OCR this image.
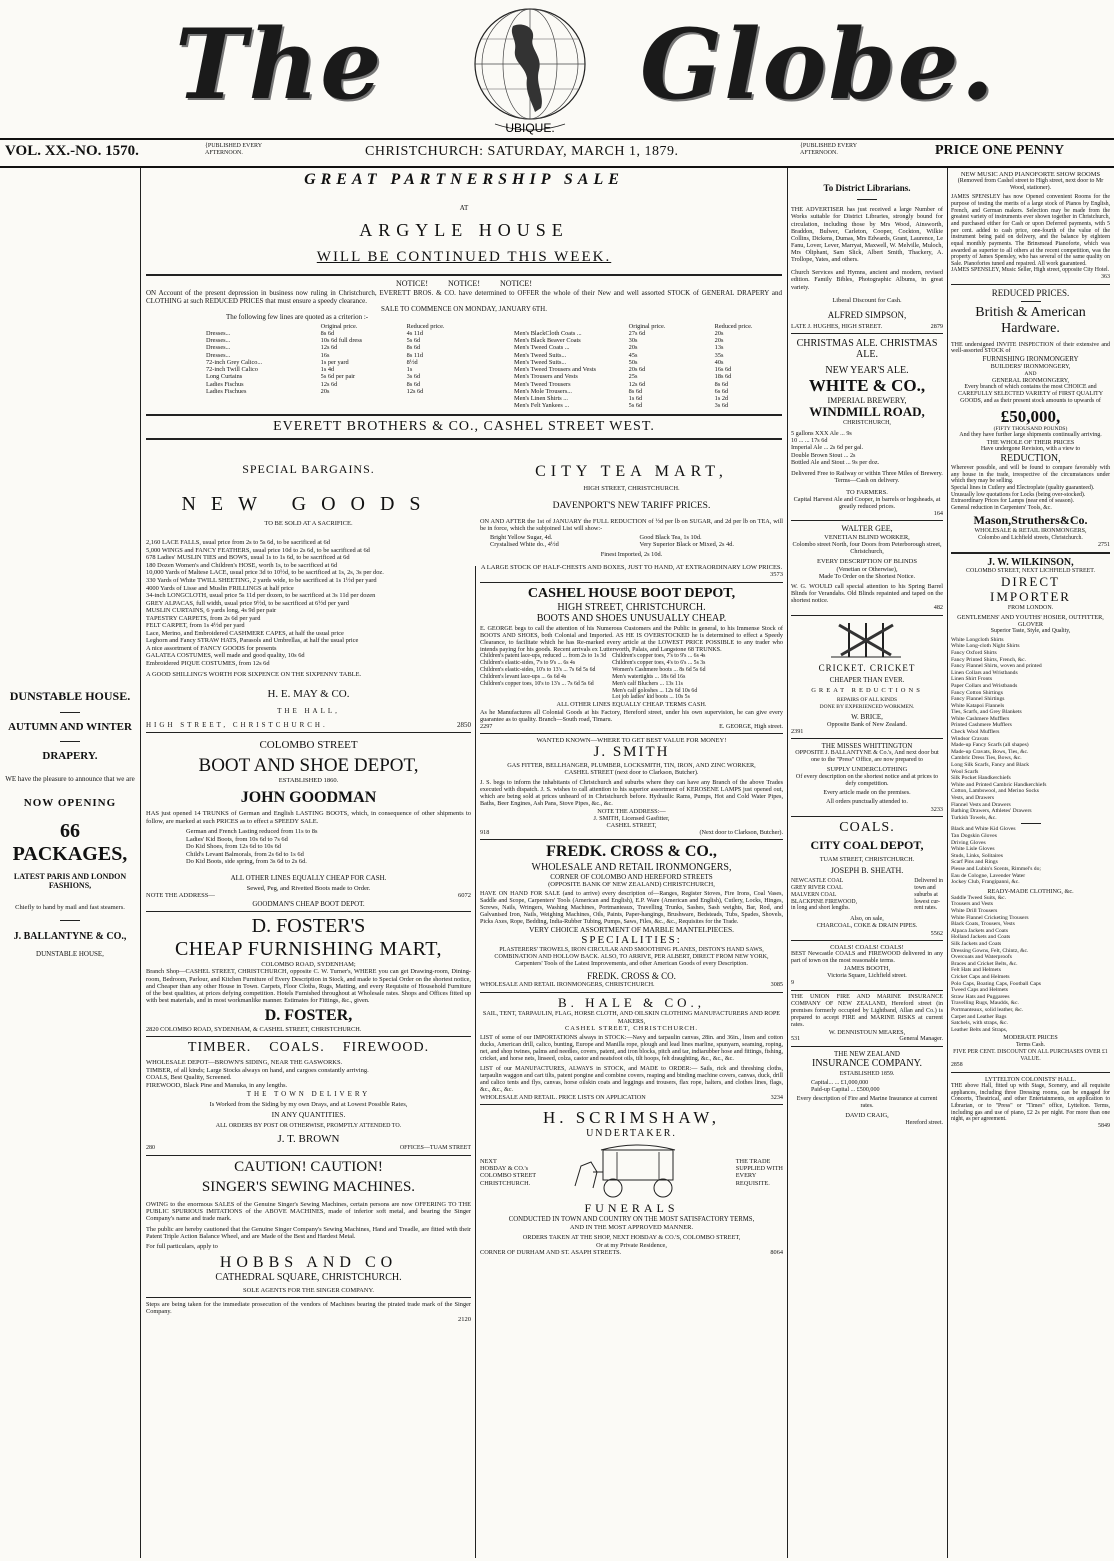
The	Globe.
UBIQUE.
VOL. XX.-NO. 1570.	{PUBLISHED EVERY AFTERNOON.	CHRISTCHURCH: SATURDAY, MARCH 1, 1879.	{PUBLISHED EVERY AFTERNOON.	PRICE ONE PENNY
DUNSTABLE HOUSE.
AUTUMN AND WINTER
DRAPERY.
WE have the pleasure to announce that we are
NOW OPENING
66 PACKAGES,
LATEST PARIS AND LONDON FASHIONS,
Chiefly to hand by mail and fast steamers.
J. BALLANTYNE & CO.,
DUNSTABLE HOUSE,
GREAT PARTNERSHIP SALE
AT
ARGYLE HOUSE
WILL BE CONTINUED THIS WEEK.
NOTICE!          NOTICE!          NOTICE!
ON Account of the present depression in business now ruling in Christchurch, EVERETT BROS. & CO. have determined to OFFER the whole of their New and well assorted STOCK of GENERAL DRAPERY and CLOTHING at such REDUCED PRICES that must ensure a speedy clearance.
SALE TO COMMENCE ON MONDAY, JANUARY 6TH.
The following few lines are quoted as a criterion :-
Original price.	Reduced price.
Dresses...	8s 6d	4s 11d
Dresses...	10s 6d full dress	5s 6d
Dresses...	12s 6d	8s 6d
Dresses...	16s	8s 11d
72-inch Grey Calico...	1s per yard	8½d
72-inch Twill Calico	1s 4d	1s
Long Curtains	5s 6d per pair	3s 6d
Ladies Fischus	12s 6d	8s 6d
Ladies Fischues	20s	12s 6d
Original price.	Reduced price.
Men's BlackCloth Coats ...	27s 6d	20s
Men's Black Beaver Coats	30s	20s
Men's Tweed Coats ...	20s	13s
Men's Tweed Suits...	45s	35s
Men's Tweed Suits...	50s	40s
Men's Tweed Trousers and Vests	20s 6d	16s 6d
Men's Trousers and Vests	25s	18s 6d
Men's Tweed Trousers	12s 6d	8s 6d
Men's Mole Trousers...	8s 6d	6s 6d
Men's Linen Shirts ...	1s 6d	1s 2d
Men's Felt Yankees ...	5s 6d	3s 6d
EVERETT BROTHERS & CO., CASHEL STREET WEST.
SPECIAL BARGAINS.
NEW GOODS
TO BE SOLD AT A SACRIFICE.
2,160 LACE FALLS, usual price from 2s to 5s 6d, to be sacrificed at 6d
5,000 WINGS and FANCY FEATHERS, usual price 10d to 2s 6d, to be sacrificed at 6d
678 Ladies' MUSLIN TIES and BOWS, usual 1s to 1s 6d, to be sacrificed at 6d
180 Dozen Women's and Children's HOSE, worth 1s, to be sacrificed at 6d
10,000 Yards of Maltese LACE, usual price 3d to 10½d, to be sacrificed at 1s, 2s, 3s per doz.
330 Yards of White TWILL SHEETING, 2 yards wide, to be sacrificed at 1s 1½d per yard
4000 Yards of Lisse and Muslin FRILLINGS at half price
34-inch LONGCLOTH, usual price 5s 11d per dozen, to be sacrificed at 3s 11d per dozen
GREY ALPACAS, full width, usual price 9½d, to be sacrificed at 6½d per yard
MUSLIN CURTAINS, 6 yards long, 4s 9d per pair
TAPESTRY CARPETS, from 2s 6d per yard
FELT CARPET, from 1s 4½d per yard
Lace, Merino, and Embroidered CASHMERE CAPES, at half the usual price
Leghorn and Fancy STRAW HATS, Parasols and Umbrellas, at half the usual price
A nice assortment of FANCY GOODS for presents
GALATEA COSTUMES, well made and good quality, 10s 6d
Embroidered PIQUE COSTUMES, from 12s 6d
A GOOD SHILLING'S WORTH FOR SIXPENCE ON THE SIXPENNY TABLE.
H. E. MAY & CO.
THE HALL,
HIGH STREET, CHRISTCHURCH.	2850
COLOMBO STREET
BOOT AND SHOE DEPOT,
ESTABLISHED 1860.
JOHN GOODMAN
HAS just opened 14 TRUNKS of German and English LASTING BOOTS, which, in consequence of other shipments to follow, are marked at such PRICES as to effect a SPEEDY SALE.
German and French Lasting reduced from 11s to 8s
Ladies' Kid Boots, from 10s 6d to 7s 6d
Do Kid Shoes, from 12s 6d to 10s 6d
Child's Levant Balmorals, from 2s 6d to 1s 6d
Do Kid Boots, side spring, from 3s 6d to 2s 6d.
ALL OTHER LINES EQUALLY CHEAP FOR CASH.
Sewed, Peg, and Rivetted Boots made to Order.
NOTE THE ADDRESS—	6072
GOODMAN'S CHEAP BOOT DEPOT.
D. FOSTER'S
CHEAP FURNISHING MART,
COLOMBO ROAD, SYDENHAM;
Branch Shop—CASHEL STREET, CHRISTCHURCH, opposite C. W. Turner's, WHERE you can get Drawing-room, Dining-room, Bedroom, Parlour, and Kitchen Furniture of Every Description in Stock, and made to Special Order on the shortest notice, and Cheaper than any other House in Town. Carpets, Floor Cloths, Rugs, Matting, and every Requisite of Household Furniture of the best qualities, at prices defying competition. Hotels Furnished throughout at Wholesale rates. Shops and Offices fitted up with best materials, and in most workmanlike manner. Estimates for Fittings, &c., given.
D. FOSTER,
2820 COLOMBO ROAD, SYDENHAM, & CASHEL STREET, CHRISTCHURCH.
TIMBER.    COALS.    FIREWOOD.
WHOLESALE DEPOT—BROWN'S SIDING, NEAR THE GASWORKS.
TIMBER, of all kinds; Large Stocks always on hand, and cargoes constantly arriving.
COALS, Best Quality, Screened.
FIREWOOD, Black Pine and Manuka, in any lengths.
THE TOWN DELIVERY
Is Worked from the Siding by my own Drays, and at Lowest Possible Rates,
IN ANY QUANTITIES.
ALL ORDERS BY POST OR OTHERWISE, PROMPTLY ATTENDED TO.
J. T. BROWN
280	OFFICES—TUAM STREET
CAUTION! CAUTION!
SINGER'S SEWING MACHINES.
OWING to the enormous SALES of the Genuine Singer's Sewing Machines, certain persons are now OFFERING TO THE PUBLIC SPURIOUS IMITATIONS of the ABOVE MACHINES, made of inferior soft metal, and bearing the Singer Company's name and trade mark.
The public are hereby cautioned that the Genuine Singer Company's Sewing Machines, Hand and Treadle, are fitted with their Patent Triple Action Balance Wheel, and are Made of the Best and Hardest Metal.
For full particulars, apply to
HOBBS AND CO
CATHEDRAL SQUARE, CHRISTCHURCH.
SOLE AGENTS FOR THE SINGER COMPANY.
Steps are being taken for the immediate prosecution of the vendors of Machines bearing the pirated trade mark of the Singer Company.
2120
CITY TEA MART,
HIGH STREET, CHRISTCHURCH.
DAVENPORT'S NEW TARIFF PRICES.
ON AND AFTER the 1st of JANUARY the FULL REDUCTION of ½d per lb on SUGAR, and 2d per lb on TEA, will be in force, which the subjoined List will show:-
Bright Yellow Sugar, 4d.
Crystalised White do., 4½d
Good Black Tea, 1s 10d.
Very Superior Black or Mixed, 2s 4d.
Finest Imported, 2s 10d.
A LARGE STOCK OF HALF-CHESTS AND BOXES, JUST TO HAND, AT EXTRAORDINARY LOW PRICES.
3573
CASHEL HOUSE BOOT DEPOT,
HIGH STREET, CHRISTCHURCH.
BOOTS AND SHOES UNUSUALLY CHEAP.
E. GEORGE begs to call the attention of his Numerous Customers and the Public in general, to his Immense Stock of BOOTS AND SHOES, both Colonial and Imported. AS HE IS OVERSTOCKED he is determined to effect a Speedy Clearance, to facilitate which he has Re-marked every article at the LOWEST PRICE POSSIBLE to any trader who intends paying for his goods. Recent arrivals ex Lutterworth, Palais, and Langstone 68 TRUNKS.
Children's patent lace-ups, reduced ... from 2s to 1s 3d
Children's elastic-sides, 7's to 9's ... 6s 4s
Children's elastic-sides, 10's to 13's ... 7s 6d 5s 6d
Children's levant lace-ups ... 6s 6d 4s
Children's copper toes, 10's to 13's ... 7s 6d 5s 6d
Children's copper toes, 7's to 9's ... 6s 4s
Children's copper toes, 4's to 6's ... 5s 3s
Women's Cashmere boots ... 8s 6d 5s 6d
Men's watertights ... 18s 6d 16s
Men's calf Bluchers ... 13s 11s
Men's calf goloshes ... 12s 6d 10s 6d
Lot job ladies' kid boots ... 10s 5s
ALL OTHER LINES EQUALLY CHEAP. TERMS CASH.
As he Manufactures all Colonial Goods at his Factory, Hereford street, under his own supervision, he can give every guarantee as to quality. Branch—South road, Timaru.
2297	E. GEORGE, High street.
WANTED KNOWN—WHERE TO GET BEST VALUE FOR MONEY!
J. SMITH
GAS FITTER, BELLHANGER, PLUMBER, LOCKSMITH, TIN, IRON, AND ZINC WORKER,
CASHEL STREET (next door to Clarkson, Butcher).
J. S. begs to inform the inhabitants of Christchurch and suburbs where they can have any Branch of the above Trades executed with dispatch. J. S. wishes to call attention to his superior assortment of KEROSENE LAMPS just opened out, which are being sold at prices unheard of in Christchurch before. Hydraulic Rams, Pumps, Hot and Cold Water Pipes, Baths, Beer Engines, Ash Pans, Stove Pipes, &c., &c.
NOTE THE ADDRESS:—
J. SMITH, Licensed Gasfitter,
CASHEL STREET,
918	(Next door to Clarkson, Butcher).
FREDK. CROSS & CO.,
WHOLESALE AND RETAIL IRONMONGERS,
CORNER OF COLOMBO AND HEREFORD STREETS
(OPPOSITE BANK OF NEW ZEALAND) CHRISTCHURCH,
HAVE ON HAND FOR SALE (and to arrive) every description of—Ranges, Register Stoves, Fire Irons, Coal Vases, Saddle and Scope, Carpenters' Tools (American and English), E.P. Ware (American and English), Cutlery, Locks, Hinges, Screws, Nails, Wringers, Washing Machines, Portmanteaux, Travelling Trunks, Sashes, Sash weights, Bar, Rod, and Galvanised Iron, Nails, Weighing Machines, Oils, Paints, Paper-hangings, Brushware, Bedsteads, Tubs, Spades, Shovels, Picks Axes, Rope, Bedding, India-Rubber Tubing, Pumps, Saws, Files, &c., &c., Requisites for the Trade.
VERY CHOICE ASSORTMENT OF MARBLE MANTELPIECES.
SPECIALITIES:
PLASTERERS' TROWELS, IRON CIRCULAR AND SMOOTHING PLANES, DISTON'S HAND SAWS, COMBINATION AND HOLLOW BACK. ALSO, TO ARRIVE, PER ALBERT, DIRECT FROM NEW YORK, Carpenters' Tools of the Latest Improvements, and other American Goods of every Description.
FREDK. CROSS & CO.
WHOLESALE AND RETAIL IRONMONGERS, CHRISTCHURCH.	3085
B. HALE & CO.,
SAIL, TENT, TARPAULIN, FLAG, HORSE CLOTH, AND OILSKIN CLOTHING MANUFACTURERS AND ROPE MAKERS,
CASHEL STREET, CHRISTCHURCH.
LIST of some of our IMPORTATIONS always in STOCK:—Navy and tarpaulin canvas, 28in. and 36in., linen and cotton ducks, American drill, calico, bunting, Europe and Manilla rope, plough and lead lines marline, spunyarn, seaming, roping, net, and shop twines, palms and needles, covers, patent, and iron blocks, pitch and tar, indiarubber hose and fittings, fishing, cricket, and horse nets, linseed, colza, castor and neatsfoot oils, tilt hoops, felt draughting, &c., &c., &c.
LIST of our MANUFACTURES, ALWAYS in STOCK, and MADE to ORDER:— Sails, rick and threshing cloths, tarpaulin waggon and cart tilts, patent pongine and combine covers, reaping and binding machine covers, canvas, duck, drill and calico tents and flys, canvas, horse oilskin coats and leggings and trousers, flax rope, halters, and clothes lines, flags, &c., &c., &c.
WHOLESALE AND RETAIL. PRICE LISTS ON APPLICATION	3234
H. SCRIMSHAW,
UNDERTAKER.
NEXT
HOBDAY & CO.'s
COLOMBO STREET
CHRISTCHURCH.
THE TRADE
SUPPLIED WITH
EVERY
REQUISITE.
FUNERALS
CONDUCTED IN TOWN AND COUNTRY ON THE MOST SATISFACTORY TERMS,
AND IN THE MOST APPROVED MANNER.
ORDERS TAKEN AT THE SHOP, NEXT HOBDAY & CO.'S, COLOMBO STREET,
Or at my Private Residence,
CORNER OF DURHAM AND ST. ASAPH STREETS.	8064
To District Librarians.
THE ADVERTISER has just received a large Number of Works suitable for District Libraries, strongly bound for circulation, including those by Mrs Wood, Ainsworth, Braddon, Bulwer, Carleton, Cooper, Cockton, Wilkie Collins, Dickens, Dumas, Mrs Edwards, Grant, Laurence, Le Fanu, Lover, Lever, Marryat, Maxwell, W. Melville, Muloch, Mrs Oliphant, Sam Slick, Albert Smith, Thackery, A. Trollope, Yates, and others.
Church Services and Hymns, ancient and modern, revised edition. Family Bibles, Photographic Albums, in great variety.
Liberal Discount for Cash.
ALFRED SIMPSON,
LATE J. HUGHES, HIGH STREET.	2879
CHRISTMAS ALE. CHRISTMAS ALE.
NEW YEAR'S ALE.
WHITE & CO.,
IMPERIAL BREWERY,
WINDMILL ROAD,
CHRISTCHURCH,
5 gallons XXX Ale ... 9s
10 ... ... 17s 6d
Imperial Ale ... 2s 6d per gal.
Double Brown Stout ... 2s
Bottled Ale and Stout ... 9s per doz.
Delivered Free to Railway or within Three Miles of Brewery. Terms—Cash on delivery.
TO FARMERS.
Capital Harvest Ale and Cooper, in barrels or hogsheads, at greatly reduced prices.
164
WALTER GEE,
VENETIAN BLIND WORKER,
Colombo street North, four Doors from Peterborough street, Christchurch,
EVERY DESCRIPTION OF BLINDS
(Venetian or Otherwise),
Made To Order on the Shortest Notice.
W. G. WOULD call special attention to his Spring Barrel Blinds for Verandahs. Old Blinds repainted and taped on the shortest notice.
482
CRICKET. CRICKET
CHEAPER THAN EVER.
GREAT REDUCTIONS
REPAIRS OF ALL KINDS
DONE BY EXPERIENCED WORKMEN.
W. BRICE,
Opposite Bank of New Zealand.
2391
THE MISSES WHITTINGTON
OPPOSITE J. BALLANTYNE & Co.'s, And next door but one to the "Press" Office, are now prepared to
SUPPLY UNDERCLOTHING
Of every description on the shortest notice and at prices to defy competition.
Every article made on the premises.
All orders punctually attended to.
3233
COALS.
CITY COAL DEPOT,
TUAM STREET, CHRISTCHURCH.
JOSEPH B. SHEATH.
NEWCASTLE COAL
GREY RIVER COAL
MALVERN COAL
BLACKPINE FIREWOOD,
in long and short lengths.
Delivered in
town and
suburbs at
lowest cur-
rent rates.
Also, on sale,
CHARCOAL, COKE & DRAIN PIPES.
5562
COALS! COALS! COALS!
BEST Newcastle COALS and FIREWOOD delivered in any part of town on the most reasonable terms.
JAMES BOOTH,
Victoria Square, Lichfield street.
9
THE UNION FIRE AND MARINE INSURANCE COMPANY OF NEW ZEALAND, Hereford street (in premises formerly occupied by Lightband, Allan and Co.) is prepared to accept FIRE and MARINE RISKS at current rates.
W. DENNISTOUN MEARES,
531	General Manager.
THE NEW ZEALAND
INSURANCE COMPANY.
ESTABLISHED 1859.
Capital... ... £1,000,000
Paid-up Capital ... £500,000
Every description of Fire and Marine Insurance at current rates.
DAVID CRAIG,
Hereford street.
NEW MUSIC AND PIANOFORTE SHOW ROOMS
(Removed from Cashel street to High street, next door to Mr Wood, stationer).
JAMES SPENSLEY has now Opened convenient Rooms for the purpose of testing the merits of a large stock of Pianos by English, French, and German makers. Selection may be made from the greatest variety of instruments ever shown together in Christchurch, and purchased either for Cash or upon Deferred payments, with 5 per cent. added to cash price, one-fourth of the value of the instrument being paid on delivery, and the balance by eighteen equal monthly payments. The Brinsmead Pianoforte, which was awarded as superior to all others at the recent competition, was the property of James Spensley, who has several of the same quality on Sale. Pianofortes tuned and repaired. All work guaranteed.
JAMES SPENSLEY, Music Seller, High street, opposite City Hotel.
363
REDUCED PRICES.
British & American Hardware.
THE undersigned INVITE INSPECTION of their extensive and well-assorted STOCK of
FURNISHING IRONMONGERY
BUILDERS' IRONMONGERY,
AND
GENERAL IRONMONGERY,
Every branch of which contains the most CHOICE and CAREFULLY SELECTED VARIETY of FIRST QUALITY GOODS, and as their present stock amounts to upwards of
£50,000,
(FIFTY THOUSAND POUNDS)
And they have further large shipments continually arriving.
THE WHOLE OF THEIR PRICES
Have undergone Revision, with a view to
REDUCTION,
Wherever possible, and will be found to compare favorably with any house in the trade, irrespective of the circumstances under which they may be selling.
Special lines in Cutlery and Electroplate (quality guaranteed).
Unusually low quotations for Locks (being over-stocked).
Extraordinary Prices for Lamps (near end of season).
General reduction in Carpenters' Tools, &c.
Mason,Struthers&Co.
WHOLESALE & RETAIL IRONMONGERS,
Colombo and Lichfield streets, Christchurch.
2751
J. W. WILKINSON,
COLOMBO STREET, NEXT LICHFIELD STREET.
DIRECT
IMPORTER
FROM LONDON.
GENTLEMENS' AND YOUTHS' HOSIER, OUTFITTER, GLOVER
Superior Taste, Style, and Quality,
White Longcloth Shirts
White Long-cloth Night Shirts
Fancy Oxford Shirts
Fancy Printed Shirts, French, &c.
Fancy Flannel Shirts, woven and printed
Linen Collars and Wristbands
Linen Shirt Fronts
Paper Collars and Wristbands
Fancy Cotton Shirtings
Fancy Flannel Shirtings
White Katapoi Flannels
Ties, Scarfs, and Grey Blankets
White Cashmere Mufflers
Printed Cashmere Mufflers
Check Wool Mufflers
Windsor Cravats
Made-up Fancy Scarfs (all shapes)
Made-up Cravats, Bows, Ties, &c.
Cambric Dress Ties, Bows, &c.
Long Silk Scarfs, Fancy and Black
Wool Scarfs
Silk Pocket Handkerchiefs
White and Printed Cambric Handkerchiefs
Cotton, Lambswool, and Merino Socks
Vests, and Drawers
Flannel Vests and Drawers
Bathing Drawers, Athletes' Drawers
Turkish Towels, &c.
Black and White Kid Gloves
Tan Dogskin Gloves
Driving Gloves
White Lisle Gloves
Studs, Links, Solitaires
Scarf Pins and Rings
Piesse and Lubin's Scents, Rimmel's do;
Eau de Cologne, Lavender Water
Jockey Club, Frangipanni, &c.
READY-MADE CLOTHING, &c.
Saddle Tweed Suits, &c.
Trousers and Vests
White Drill Trousers
White Flannel Cricketing Trousers
Black Coats, Trousers, Vests
Alpaca Jackets and Coats
Holland Jackets and Coats
Silk Jackets and Coats
Dressing Gowns, Felt, Chintz, &c.
Overcoats and Waterproofs
Braces and Cricket Belts, &c.
Felt Hats and Helmets
Cricket Caps and Helmets
Polo Caps, Boating Caps, Football Caps
Tweed Caps and Helmets
Straw Hats and Puggarees
Travelling Rugs, Maudds, &c.
Portmanteaux, solid leather, &c.
Carpet and Leather Bags
Satchels, with straps, &c.
Leather Belts and Straps,
MODERATE PRICES
Terms Cash.
FIVE PER CENT. DISCOUNT ON ALL PURCHASES OVER £1 VALUE.
2858
LYTTELTON COLONISTS' HALL.
THE above Hall, fitted up with Stage, Scenery, and all requisite appliances, including three Dressing rooms, can be engaged for Concerts, Theatrical, and other Entertainments, on application to Librarian, or to "Press" or "Times" office, Lyttelton. Terms, including gas and use of piano, £2 2s per night. For more than one night, as per agreement.
5849
